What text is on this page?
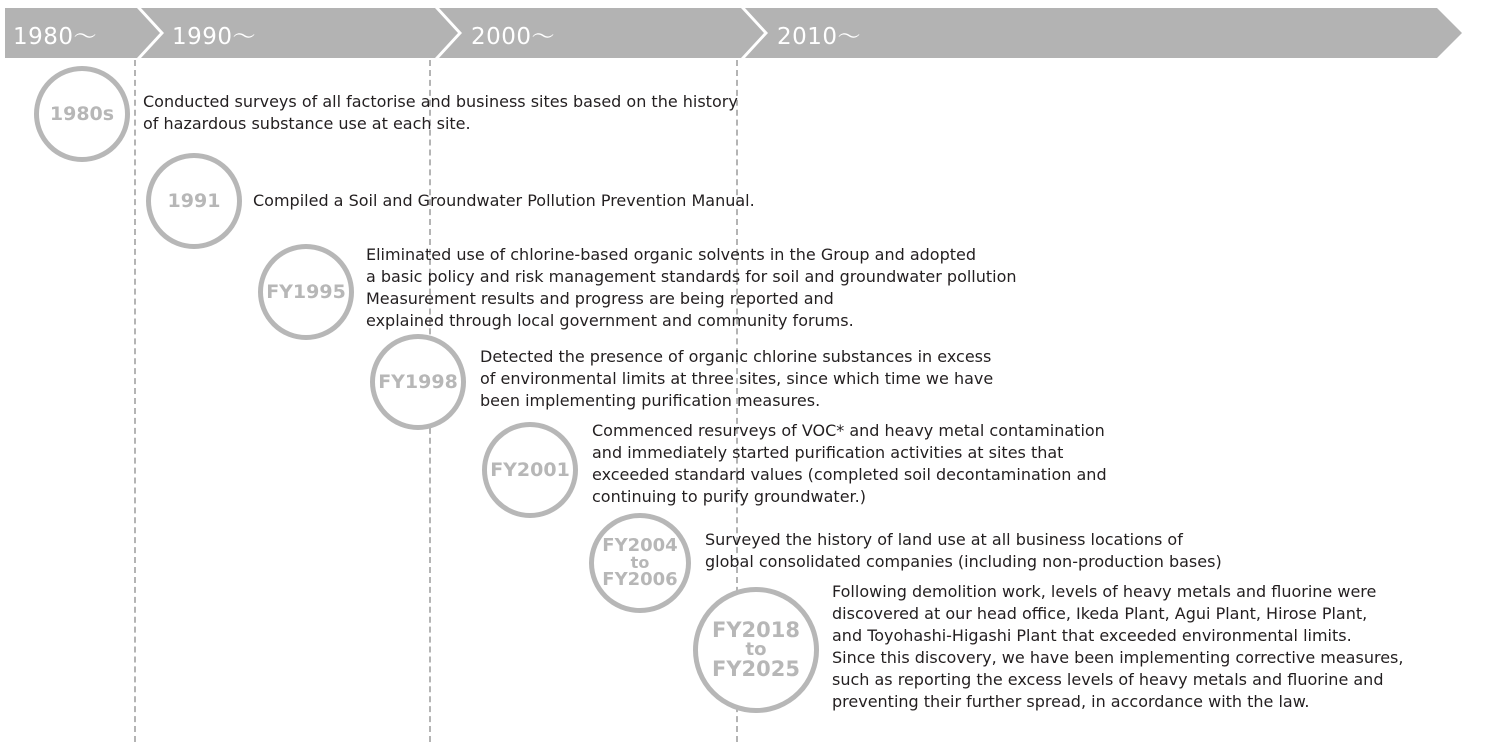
1980〜	1990〜	2000〜	2010〜
1980s
Conducted surveys of all factorise and business sites based on the history
of hazardous substance use at each site.
1991 Compiled a Soil and Groundwater Pollution Prevention Manual.
FY1995
Eliminated use of chlorine-based organic solvents in the Group and adopted
a basic policy and risk management standards for soil and groundwater pollution
Measurement results and progress are being reported and
explained through local government and community forums.
FY1998
Detected the presence of organic chlorine substances in excess
of environmental limits at three sites, since which time we have
been implementing purification measures.
FY2001
Commenced resurveys of VOC* and heavy metal contamination
and immediately started purification activities at sites that
exceeded standard values (completed soil decontamination and
continuing to purify groundwater.)
FY2004
to
FY2006
Surveyed the history of land use at all business locations of
global consolidated companies (including non-production bases)
FY2018
to
FY2025
Following demolition work, levels of heavy metals and fluorine were
discovered at our head office, Ikeda Plant, Agui Plant, Hirose Plant,
and Toyohashi-Higashi Plant that exceeded environmental limits.
Since this discovery, we have been implementing corrective measures,
such as reporting the excess levels of heavy metals and fluorine and
preventing their further spread, in accordance with the law.
